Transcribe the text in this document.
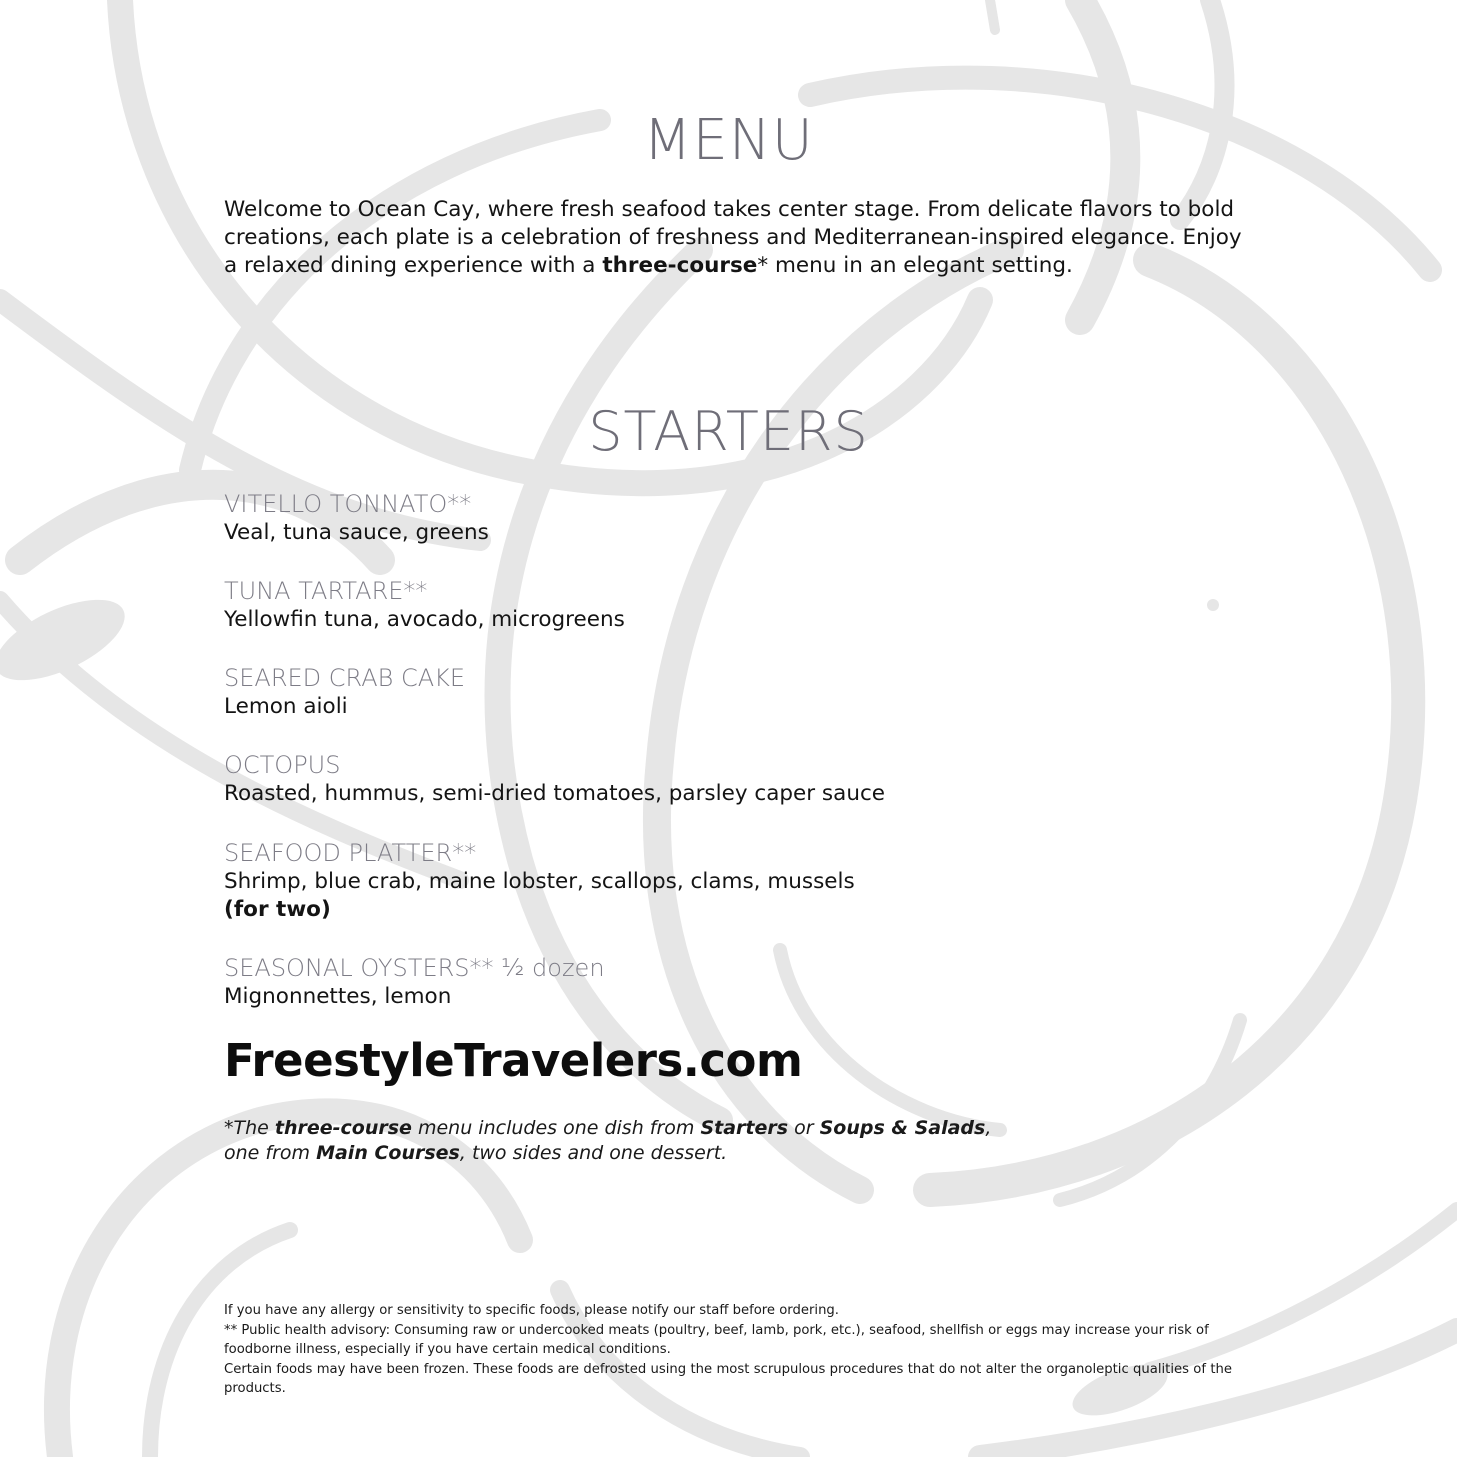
MENU

Welcome to Ocean Cay, where fresh seafood takes center stage. From delicate flavors to bold creations, each plate is a celebration of freshness and Mediterranean-inspired elegance. Enjoy a relaxed dining experience with a three-course* menu in an elegant setting.

STARTERS
VITELLO TONNATO**
Veal, tuna sauce, greens
TUNA TARTARE**
Yellowfin tuna, avocado, microgreens
SEARED CRAB CAKE
Lemon aioli
OCTOPUS
Roasted, hummus, semi-dried tomatoes, parsley caper sauce
SEAFOOD PLATTER**
Shrimp, blue crab, maine lobster, scallops, clams, mussels
(for two)
SEASONAL OYSTERS** ½ dozen
Mignonnettes, lemon
FreestyleTravelers.com
*The three-course menu includes one dish from Starters or Soups & Salads,
one from Main Courses, two sides and one dessert.

If you have any allergy or sensitivity to specific foods, please notify our staff before ordering.

** Public health advisory: Consuming raw or undercooked meats (poultry, beef, lamb, pork, etc.), seafood, shellfish or eggs may increase your risk of foodborne illness, especially if you have certain medical conditions.

Certain foods may have been frozen. These foods are defrosted using the most scrupulous procedures that do not alter the organoleptic qualities of the products.
